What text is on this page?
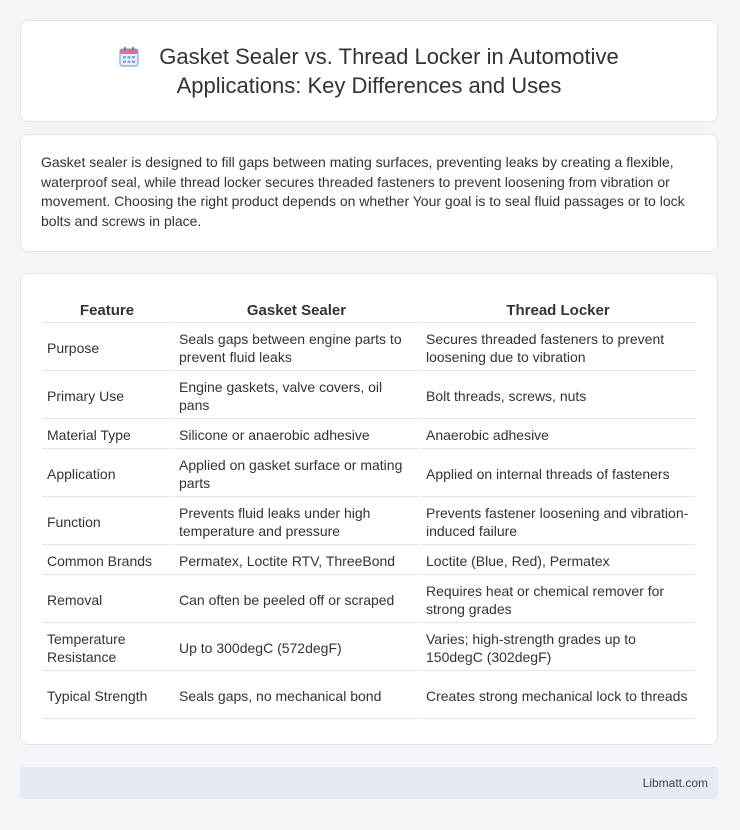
Gasket Sealer vs. Thread Locker in Automotive Applications: Key Differences and Uses

Gasket sealer is designed to fill gaps between mating surfaces, preventing leaks by creating a flexible, waterproof seal, while thread locker secures threaded fasteners to prevent loosening from vibration or movement. Choosing the right product depends on whether Your goal is to seal fluid passages or to lock bolts and screws in place.

Feature	Gasket Sealer	Thread Locker
Purpose	Seals gaps between engine parts to prevent fluid leaks	Secures threaded fasteners to prevent loosening due to vibration
Primary Use	Engine gaskets, valve covers, oil pans	Bolt threads, screws, nuts
Material Type	Silicone or anaerobic adhesive	Anaerobic adhesive
Application	Applied on gasket surface or mating parts	Applied on internal threads of fasteners
Function	Prevents fluid leaks under high temperature and pressure	Prevents fastener loosening and vibration-induced failure
Common Brands	Permatex, Loctite RTV, ThreeBond	Loctite (Blue, Red), Permatex
Removal	Can often be peeled off or scraped	Requires heat or chemical remover for strong grades
Temperature Resistance	Up to 300degC (572degF)	Varies; high-strength grades up to 150degC (302degF)
Typical Strength	Seals gaps, no mechanical bond	Creates strong mechanical lock to threads
Libmatt.com
